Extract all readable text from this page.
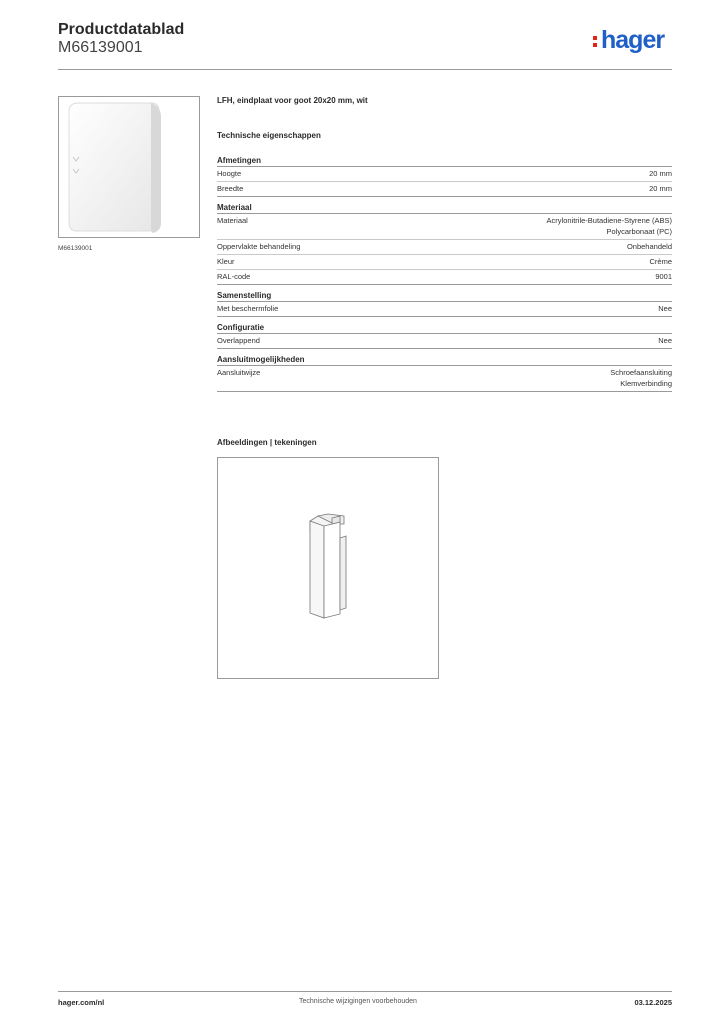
Productdatablad
M66139001	hager
M66139001
LFH, eindplaat voor goot 20x20 mm, wit
Technische eigenschappen
Afmetingen
Hoogte	20 mm
Breedte	20 mm
Materiaal
Materiaal	Acrylonitrile-Butadiene-Styrene (ABS)
Polycarbonaat (PC)
Oppervlakte behandeling	Onbehandeld
Kleur	Crème
RAL-code	9001
Samenstelling
Met beschermfolie	Nee
Configuratie
Overlappend	Nee
Aansluitmogelijkheden
Aansluitwijze	Schroefaansluiting
Klemverbinding
Afbeeldingen | tekeningen
hager.com/nl	Technische wijzigingen voorbehouden	03.12.2025
